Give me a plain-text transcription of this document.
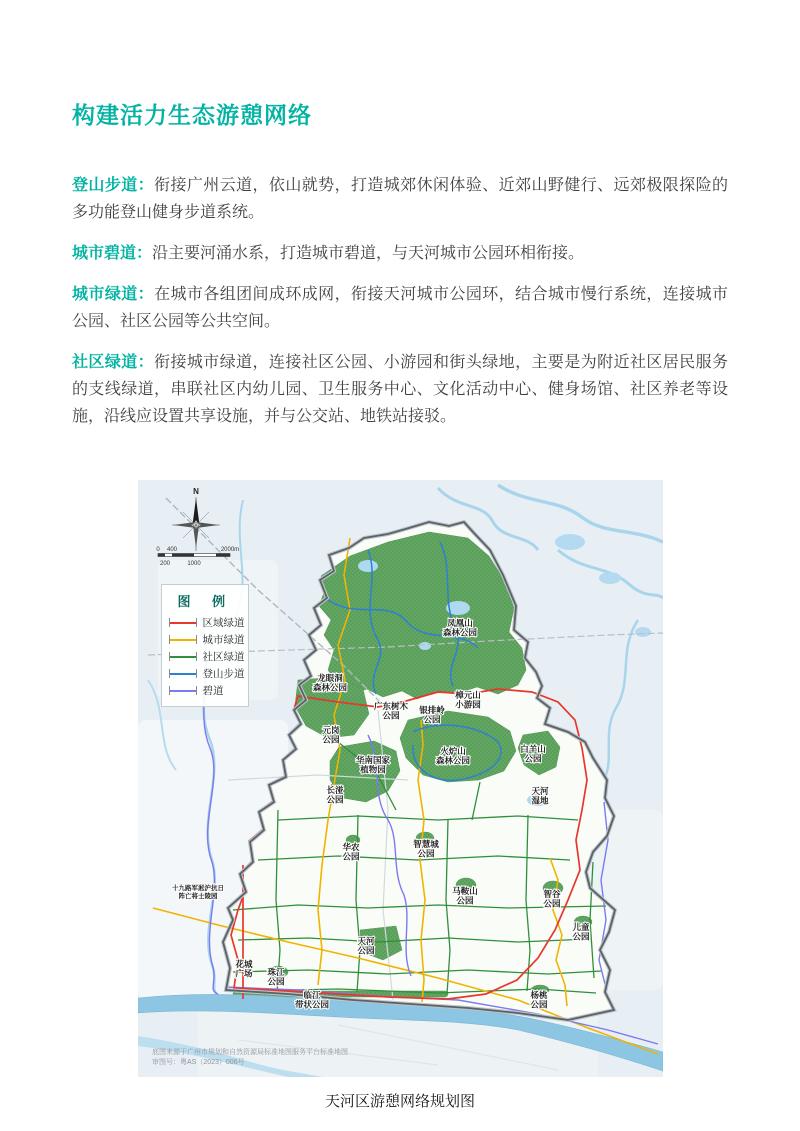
构建活力生态游憩网络

登山步道：衔接广州云道，依山就势，打造城郊休闲体验、近郊山野健行、远郊极限探险的多功能登山健身步道系统。

城市碧道：沿主要河涌水系，打造城市碧道，与天河城市公园环相衔接。

城市绿道：在城市各组团间成环成网，衔接天河城市公园环，结合城市慢行系统，连接城市公园、社区公园等公共空间。

社区绿道：衔接城市绿道，连接社区公园、小游园和街头绿地，主要是为附近社区居民服务的支线绿道，串联社区内幼儿园、卫生服务中心、文化活动中心、健身场馆、社区养老等设施，沿线应设置共享设施，并与公交站、地铁站接驳。

N
0 400	2000m
200	1000
凤凰山森林公园
龙眼洞森林公园
广东树木公园
银排岭公园
樟元山小游园
元岗公园
华南国家植物园
火炉山森林公园
白羊山公园
长湴公园
天河湿地
华农公园
智慧城公园
十九路军淞沪抗日阵亡将士陵园
马鞍山公园
智谷公园
儿童公园
天河公园
花城广场 珠江公园
临江带状公园
杨桃公园
底图来源于广州市规划和自然资源局标准地图服务平台标准地图
审图号：粤AS（2023）006号
图 例
区域绿道
城市绿道
社区绿道
登山步道
碧道
天河区游憩网络规划图
